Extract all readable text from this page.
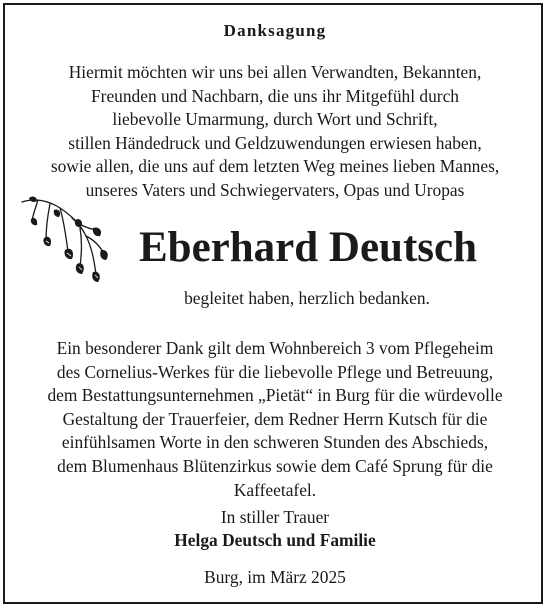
Danksagung

Hiermit möchten wir uns bei allen Verwandten, Bekannten,
Freunden und Nachbarn, die uns ihr Mitgefühl durch
liebevolle Umarmung, durch Wort und Schrift,
stillen Händedruck und Geldzuwendungen erwiesen haben,
sowie allen, die uns auf dem letzten Weg meines lieben Mannes,
unseres Vaters und Schwiegervaters, Opas und Uropas

Eberhard Deutsch
begleitet haben, herzlich bedanken.

Ein besonderer Dank gilt dem Wohnbereich 3 vom Pflegeheim
des Cornelius-Werkes für die liebevolle Pflege und Betreuung,
dem Bestattungsunternehmen „Pietät“ in Burg für die würdevolle
Gestaltung der Trauerfeier, dem Redner Herrn Kutsch für die
einfühlsamen Worte in den schweren Stunden des Abschieds,
dem Blumenhaus Blütenzirkus sowie dem Café Sprung für die
Kaffeetafel.

In stiller Trauer
Helga Deutsch und Familie
Burg, im März 2025
